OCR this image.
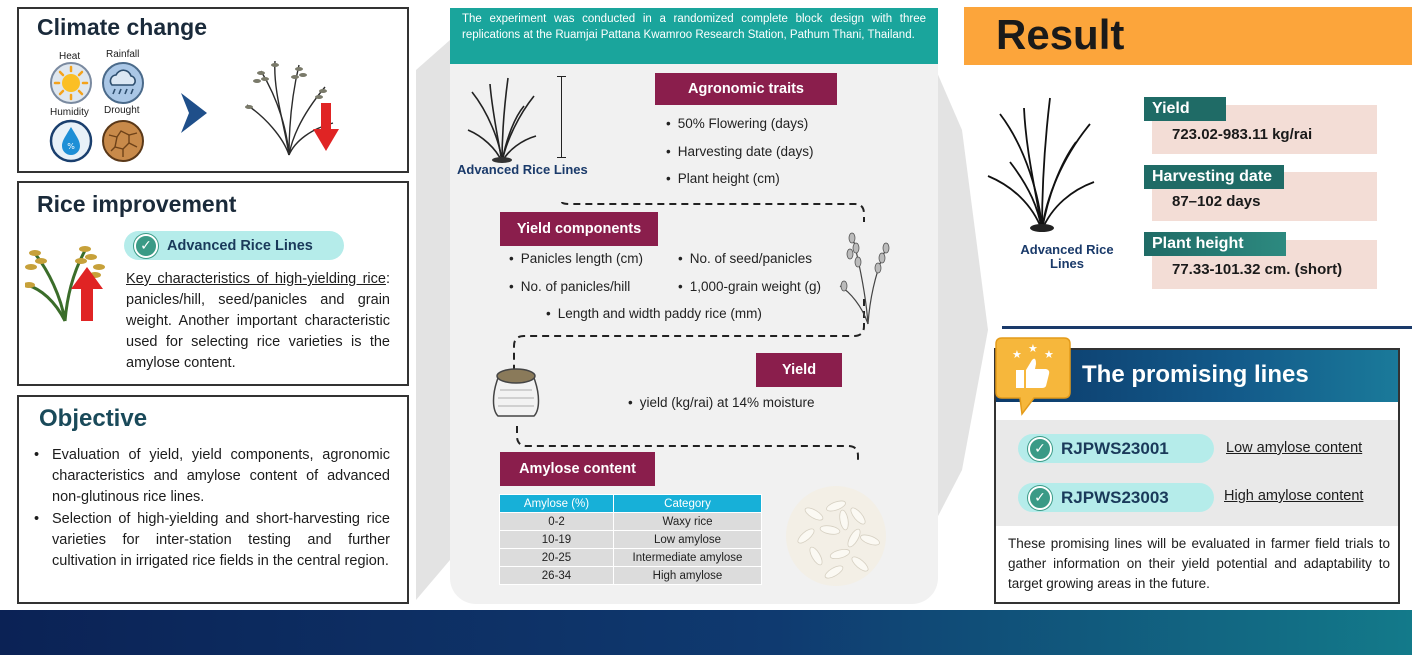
Climate change
Heat	Rainfall
Humidity
%
Drought
Rice improvement
✓	Advanced Rice Lines
Key characteristics of high-yielding rice: panicles/hill, seed/panicles and grain weight. Another important characteristic used for selecting rice varieties is the amylose content.
Objective
• Evaluation of yield, yield components, agronomic characteristics and amylose content of advanced non-glutinous rice lines.
• Selection of high-yielding and short-harvesting rice varieties for inter-station testing and further cultivation in irrigated rice fields in the central region.
The experiment was conducted in a randomized complete block design with three replications at the Ruamjai Pattana Kwamroo Research Station, Pathum Thani, Thailand.
Advanced Rice Lines
Agronomic traits
• 50% Flowering (days)
• Harvesting date (days)
• Plant height (cm)
Yield components
• Panicles length (cm)	• No. of seed/panicles
• No. of panicles/hill	• 1,000-grain weight (g)
• Length and width paddy rice (mm)
Yield
• yield (kg/rai) at 14% moisture
Amylose content
Amylose (%)	Category
0-2	Waxy rice
10-19	Low amylose
20-25	Intermediate amylose
26-34	High amylose
Result
Advanced Rice Lines
723.02-983.11 kg/rai
Yield
87–102 days
Harvesting date
77.33-101.32 cm. (short)
Plant height
The promising lines
✓ RJPWS23001	Low amylose content
✓ RJPWS23003	High amylose content
These promising lines will be evaluated in farmer field trials to gather information on their yield potential and adaptability to target growing areas in the future.
★ ★ ★
